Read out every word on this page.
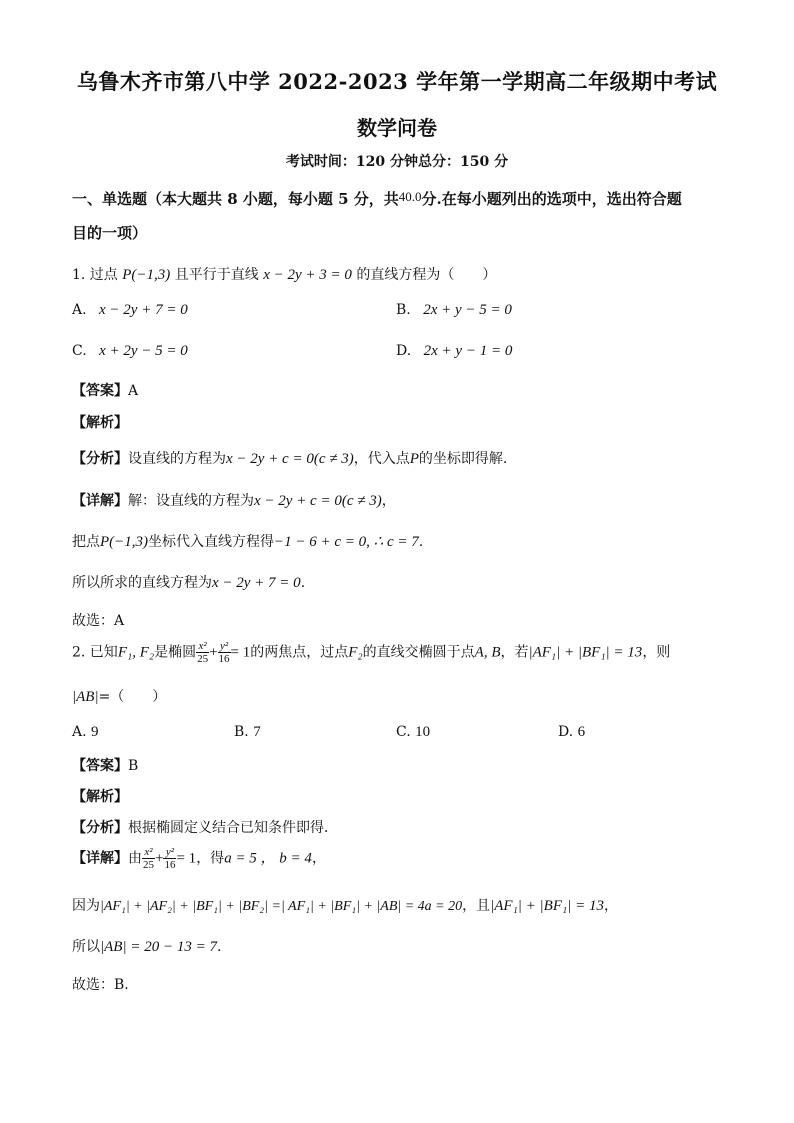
乌鲁木齐市第八中学 2022-2023 学年第一学期高二年级期中考试
数学问卷
考试时间：120 分钟总分：150 分
一、单选题（本大题共 8 小题，每小题 5 分，共40.0分.在每小题列出的选项中，选出符合题
目的一项）
1. 过点 P(−1,3) 且平行于直线 x − 2y + 3 = 0 的直线方程为（　　）
A. x − 2y + 7 = 0	B. 2x + y − 5 = 0
C. x + 2y − 5 = 0	D. 2x + y − 1 = 0
【答案】A
【解析】
【分析】设直线的方程为x − 2y + c = 0(c ≠ 3)，代入点P的坐标即得解.
【详解】解：设直线的方程为x − 2y + c = 0(c ≠ 3)，
把点P(−1,3)坐标代入直线方程得−1 − 6 + c = 0, ∴ c = 7.
所以所求的直线方程为x − 2y + 7 = 0.
故选：A
2. 已知F₁, F₂是椭圆 $\frac{\text{x²}}{25} + \frac{\text{y²}}{16} = 1$的两焦点，过点F₂的直线交椭圆于点A, B，若|AF₁| + |BF₁| = 13，则
|AB|=（　　）
A. 9	B. 7	C. 10	D. 6
【答案】B
【解析】
【分析】根据椭圆定义结合已知条件即得．
【详解】由 $\frac{\text{x²}}{25} + \frac{\text{y²}}{16} = 1$，得a = 5 ， b = 4，
因为|AF₁| + |AF₂| + |BF₁| + |BF₂| =| AF₁| + |BF₁| + |AB| = 4a = 20，且|AF₁| + |BF₁| = 13，
所以|AB| = 20 − 13 = 7.
故选：B.
